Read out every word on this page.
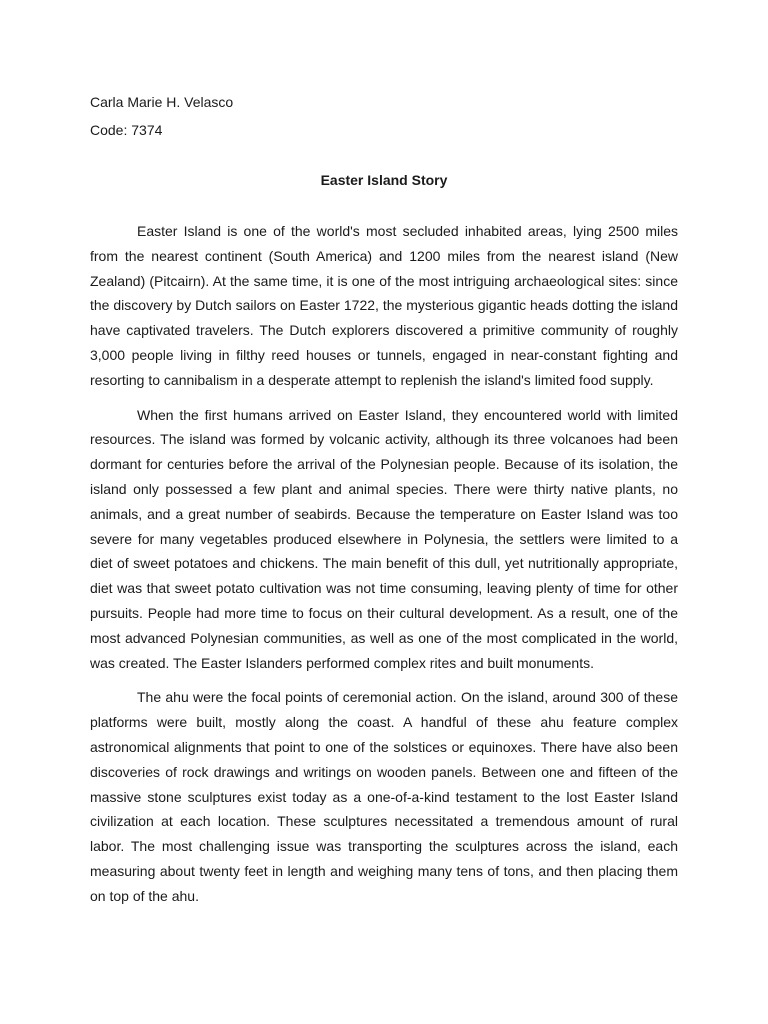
Carla Marie H. Velasco

Code: 7374

Easter Island Story

Easter Island is one of the world's most secluded inhabited areas, lying 2500 miles from the nearest continent (South America) and 1200 miles from the nearest island (New Zealand) (Pitcairn). At the same time, it is one of the most intriguing archaeological sites: since the discovery by Dutch sailors on Easter 1722, the mysterious gigantic heads dotting the island have captivated travelers. The Dutch explorers discovered a primitive community of roughly 3,000 people living in filthy reed houses or tunnels, engaged in near-constant fighting and resorting to cannibalism in a desperate attempt to replenish the island's limited food supply.

When the first humans arrived on Easter Island, they encountered world with limited resources. The island was formed by volcanic activity, although its three volcanoes had been dormant for centuries before the arrival of the Polynesian people. Because of its isolation, the island only possessed a few plant and animal species. There were thirty native plants, no animals, and a great number of seabirds. Because the temperature on Easter Island was too severe for many vegetables produced elsewhere in Polynesia, the settlers were limited to a diet of sweet potatoes and chickens. The main benefit of this dull, yet nutritionally appropriate, diet was that sweet potato cultivation was not time consuming, leaving plenty of time for other pursuits. People had more time to focus on their cultural development. As a result, one of the most advanced Polynesian communities, as well as one of the most complicated in the world, was created. The Easter Islanders performed complex rites and built monuments.

The ahu were the focal points of ceremonial action. On the island, around 300 of these platforms were built, mostly along the coast. A handful of these ahu feature complex astronomical alignments that point to one of the solstices or equinoxes. There have also been discoveries of rock drawings and writings on wooden panels. Between one and fifteen of the massive stone sculptures exist today as a one-of-a-kind testament to the lost Easter Island civilization at each location. These sculptures necessitated a tremendous amount of rural labor. The most challenging issue was transporting the sculptures across the island, each measuring about twenty feet in length and weighing many tens of tons, and then placing them on top of the ahu.
